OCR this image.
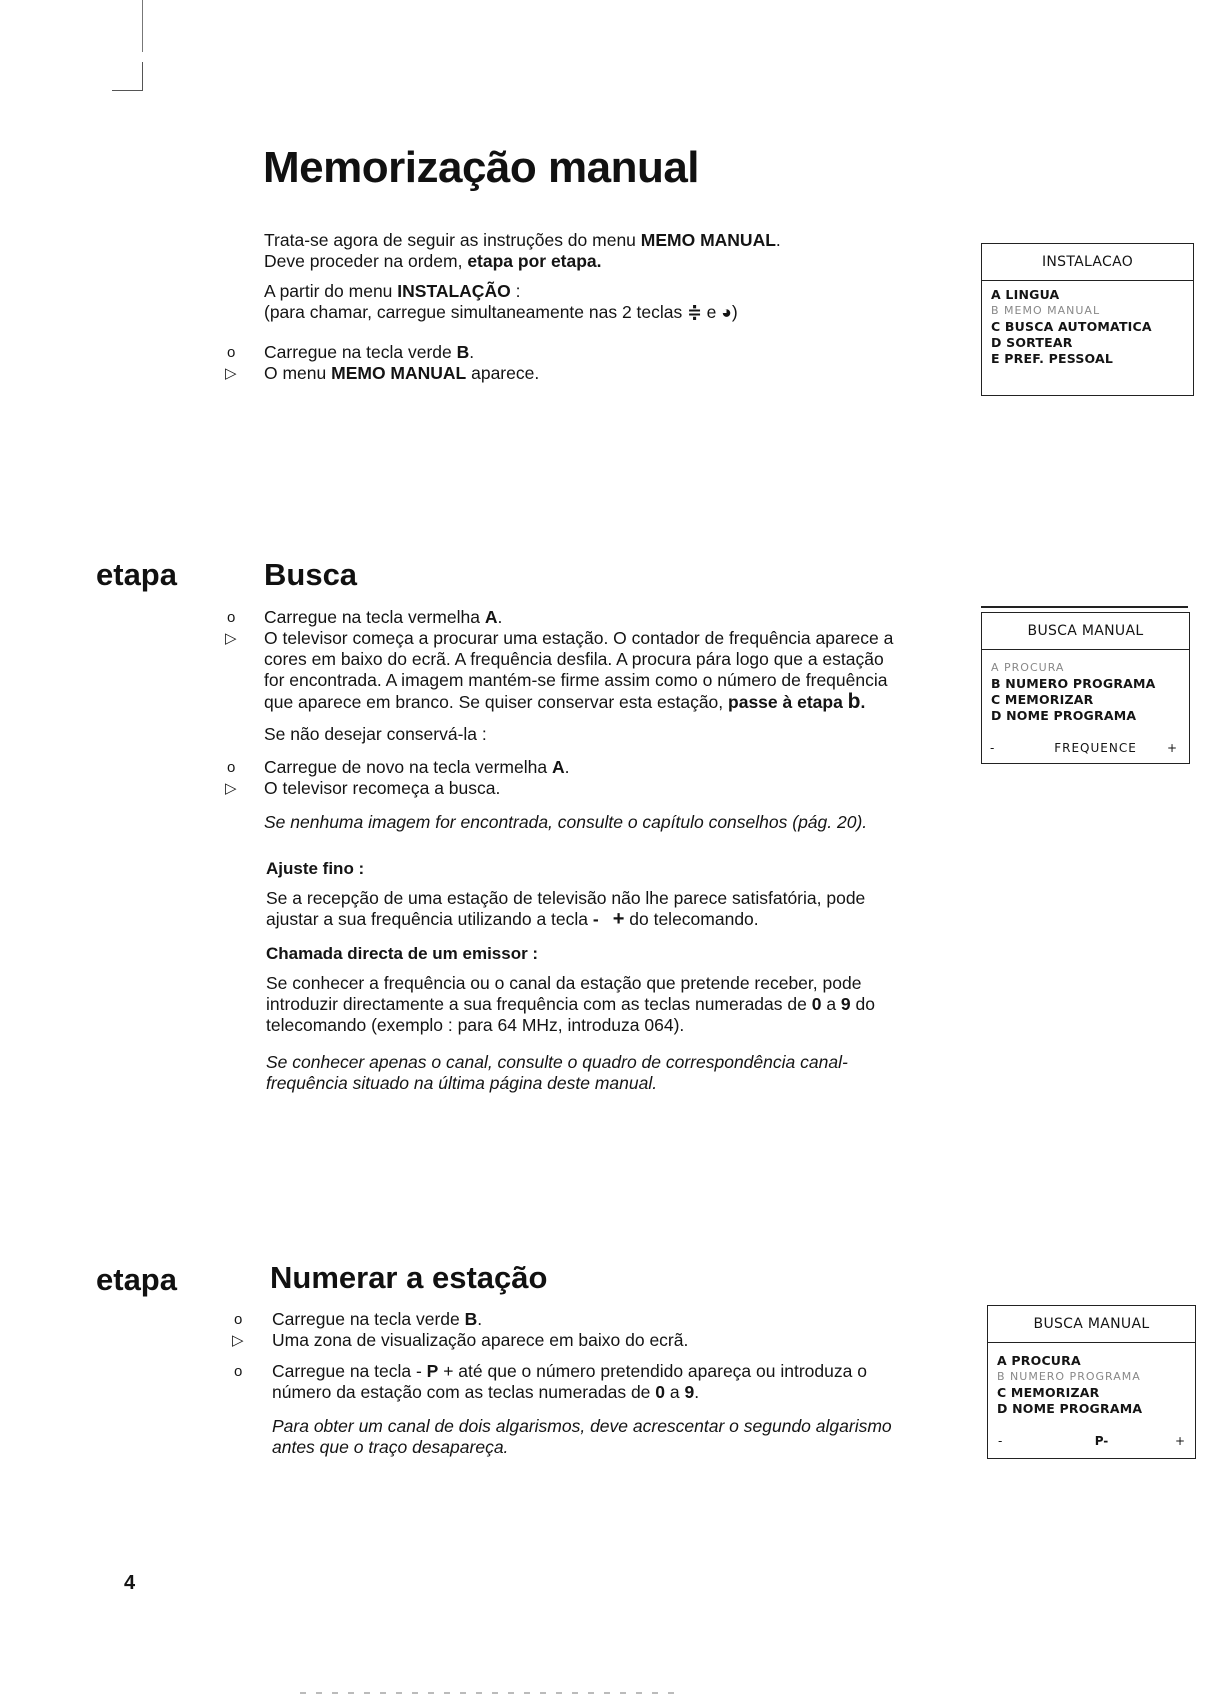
Memorização manual
Trata-se agora de seguir as instruções do menu MEMO MANUAL.
Deve proceder na ordem, etapa por etapa.
A partir do menu INSTALAÇÃO :
(para chamar, carregue simultaneamente nas 2 teclas ≑ e ◕)
o Carregue na tecla verde B.
▷ O menu MEMO MANUAL aparece.
INSTALACAO
A LINGUA
B MEMO MANUAL
C BUSCA AUTOMATICA
D SORTEAR
E PREF. PESSOAL
etapa	Busca
o Carregue na tecla vermelha A.
▷ O televisor começa a procurar uma estação. O contador de frequência aparece a
cores em baixo do ecrã. A frequência desfila. A procura pára logo que a estação
for encontrada. A imagem mantém-se firme assim como o número de frequência
que aparece em branco. Se quiser conservar esta estação, passe à etapa b.
Se não desejar conservá-la :
o Carregue de novo na tecla vermelha A.
▷ O televisor recomeça a busca.
Se nenhuma imagem for encontrada, consulte o capítulo conselhos (pág. 20).
Ajuste fino :
Se a recepção de uma estação de televisão não lhe parece satisfatória, pode
ajustar a sua frequência utilizando a tecla - + do telecomando.
Chamada directa de um emissor :
Se conhecer a frequência ou o canal da estação que pretende receber, pode
introduzir directamente a sua frequência com as teclas numeradas de 0 a 9 do
telecomando (exemplo : para 64 MHz, introduza 064).
Se conhecer apenas o canal, consulte o quadro de correspondência canal-
frequência situado na última página deste manual.
BUSCA MANUAL
A PROCURA
B NUMERO PROGRAMA
C MEMORIZAR
D NOME PROGRAMA
-	FREQUENCE	+
etapa	Numerar a estação
o Carregue na tecla verde B.
▷ Uma zona de visualização aparece em baixo do ecrã.
o Carregue na tecla - P + até que o número pretendido apareça ou introduza o
número da estação com as teclas numeradas de 0 a 9.
Para obter um canal de dois algarismos, deve acrescentar o segundo algarismo
antes que o traço desapareça.
BUSCA MANUAL
A PROCURA
B NUMERO PROGRAMA
C MEMORIZAR
D NOME PROGRAMA
-	P-	+
4
